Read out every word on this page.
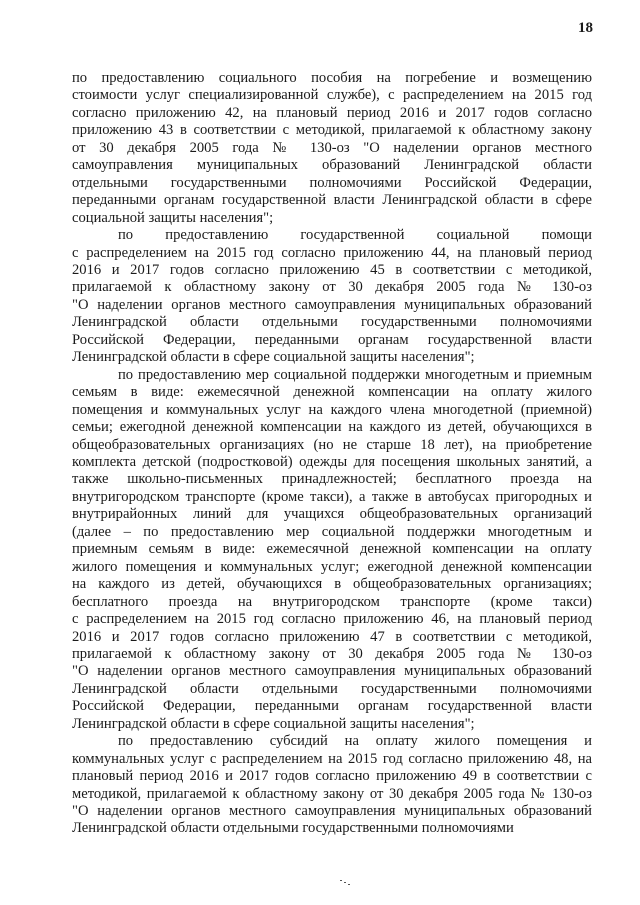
18
по предоставлению социального пособия на погребение и возмещению
стоимости услуг специализированной службе), с распределением на 2015 год
согласно приложению 42, на плановый период 2016 и 2017 годов согласно
приложению 43 в соответствии с методикой, прилагаемой к областному закону
от 30 декабря 2005 года № 130-оз "О наделении органов местного
самоуправления муниципальных образований Ленинградской области
отдельными государственными полномочиями Российской Федерации,
переданными органам государственной власти Ленинградской области в сфере
социальной защиты населения";
по предоставлению государственной социальной помощи
с распределением на 2015 год согласно приложению 44, на плановый период
2016 и 2017 годов согласно приложению 45 в соответствии с методикой,
прилагаемой к областному закону от 30 декабря 2005 года № 130-оз
"О наделении органов местного самоуправления муниципальных образований
Ленинградской области отдельными государственными полномочиями
Российской Федерации, переданными органам государственной власти
Ленинградской области в сфере социальной защиты населения";
по предоставлению мер социальной поддержки многодетным и приемным
семьям в виде: ежемесячной денежной компенсации на оплату жилого
помещения и коммунальных услуг на каждого члена многодетной (приемной)
семьи; ежегодной денежной компенсации на каждого из детей, обучающихся в
общеобразовательных организациях (но не старше 18 лет), на приобретение
комплекта детской (подростковой) одежды для посещения школьных занятий, а
также школьно-письменных принадлежностей; бесплатного проезда на
внутригородском транспорте (кроме такси), а также в автобусах пригородных и
внутрирайонных линий для учащихся общеобразовательных организаций
(далее – по предоставлению мер социальной поддержки многодетным и
приемным семьям в виде: ежемесячной денежной компенсации на оплату
жилого помещения и коммунальных услуг; ежегодной денежной компенсации
на каждого из детей, обучающихся в общеобразовательных организациях;
бесплатного проезда на внутригородском транспорте (кроме такси)
с распределением на 2015 год согласно приложению 46, на плановый период
2016 и 2017 годов согласно приложению 47 в соответствии с методикой,
прилагаемой к областному закону от 30 декабря 2005 года № 130-оз
"О наделении органов местного самоуправления муниципальных образований
Ленинградской области отдельными государственными полномочиями
Российской Федерации, переданными органам государственной власти
Ленинградской области в сфере социальной защиты населения";
по предоставлению субсидий на оплату жилого помещения и
коммунальных услуг с распределением на 2015 год согласно приложению 48, на
плановый период 2016 и 2017 годов согласно приложению 49 в соответствии с
методикой, прилагаемой к областному закону от 30 декабря 2005 года № 130-оз
"О наделении органов местного самоуправления муниципальных образований
Ленинградской области отдельными государственными полномочиями
